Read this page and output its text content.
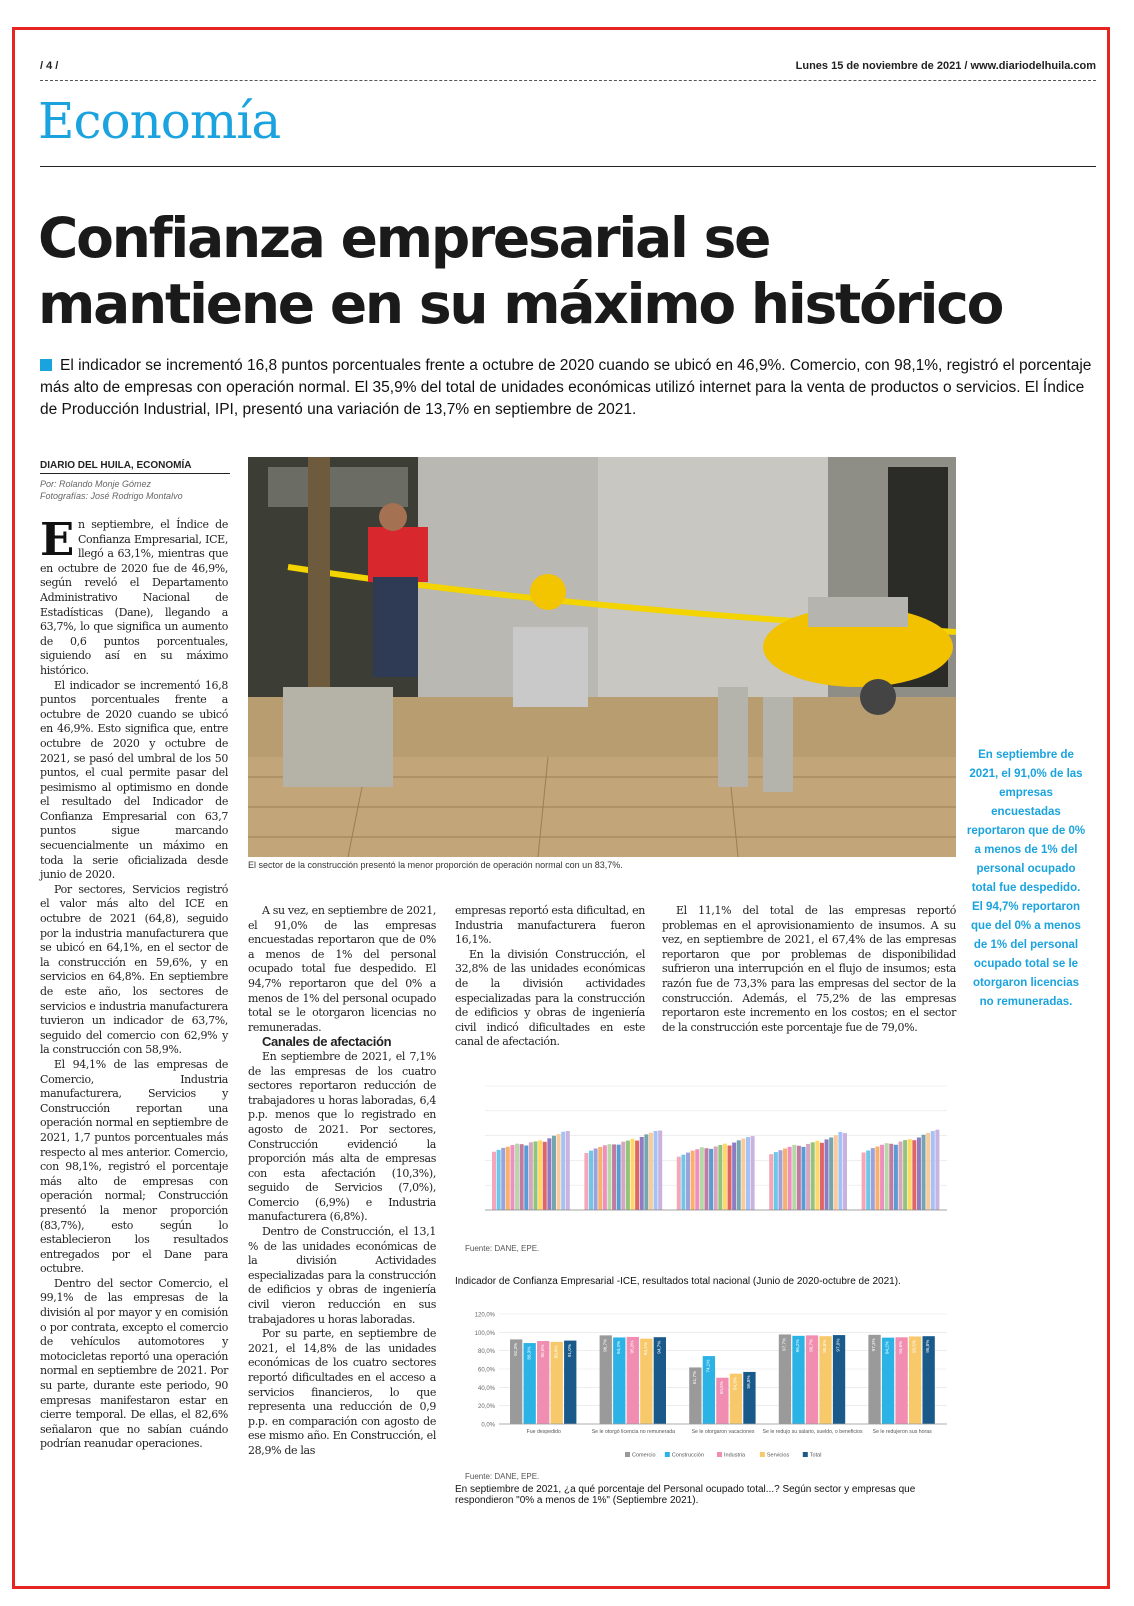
/ 4 /	Lunes 15 de noviembre de 2021 / www.diariodelhuila.com
Economía
Confianza empresarial se
mantiene en su máximo histórico
El indicador se incrementó 16,8 puntos porcentuales frente a octubre de 2020 cuando se ubicó en 46,9%. Comercio, con 98,1%, registró el porcentaje más alto de empresas con operación normal. El 35,9% del total de unidades económicas utilizó internet para la venta de productos o servicios. El Índice de Producción Industrial, IPI, presentó una variación de 13,7% en septiembre de 2021.
DIARIO DEL HUILA, ECONOMÍA
Por: Rolando Monje Gómez
Fotografías: José Rodrigo Montalvo

En septiembre, el Índice de Confianza Empresarial, ICE, llegó a 63,1%, mientras que en octubre de 2020 fue de 46,9%, según reveló el Departamento Administrativo Nacional de Estadísticas (Dane), llegando a 63,7%, lo que significa un aumento de 0,6 puntos porcentuales, siguiendo así en su máximo histórico.

El indicador se incrementó 16,8 puntos porcentuales frente a octubre de 2020 cuando se ubicó en 46,9%. Esto significa que, entre octubre de 2020 y octubre de 2021, se pasó del umbral de los 50 puntos, el cual permite pasar del pesimismo al optimismo en donde el resultado del Indicador de Confianza Empresarial con 63,7 puntos sigue marcando secuencialmente un máximo en toda la serie oficializada desde junio de 2020.

Por sectores, Servicios registró el valor más alto del ICE en octubre de 2021 (64,8), seguido por la industria manufacturera que se ubicó en 64,1%, en el sector de la construcción en 59,6%, y en servicios en 64,8%. En septiembre de este año, los sectores de servicios e industria manufacturera tuvieron un indicador de 63,7%, seguido del comercio con 62,9% y la construcción con 58,9%.

El 94,1% de las empresas de Comercio, Industria manufacturera, Servicios y Construcción reportan una operación normal en septiembre de 2021, 1,7 puntos porcentuales más respecto al mes anterior. Comercio, con 98,1%, registró el porcentaje más alto de empresas con operación normal; Construcción presentó la menor proporción (83,7%), esto según lo establecieron los resultados entregados por el Dane para octubre.

Dentro del sector Comercio, el 99,1% de las empresas de la división al por mayor y en comisión o por contrata, excepto el comercio de vehículos automotores y motocicletas reportó una operación normal en septiembre de 2021. Por su parte, durante este periodo, 90 empresas manifestaron estar en cierre temporal. De ellas, el 82,6% señalaron que no sabían cuándo podrían reanudar operaciones.

El sector de la construcción presentó la menor proporción de operación normal con un 83,7%.

A su vez, en septiembre de 2021, el 91,0% de las empresas encuestadas reportaron que de 0% a menos de 1% del personal ocupado total fue despedido. El 94,7% reportaron que del 0% a menos de 1% del personal ocupado total se le otorgaron licencias no remuneradas.

Canales de afectación

En septiembre de 2021, el 7,1% de las empresas de los cuatro sectores reportaron reducción de trabajadores u horas laboradas, 6,4 p.p. menos que lo registrado en agosto de 2021. Por sectores, Construcción evidenció la proporción más alta de empresas con esta afectación (10,3%), seguido de Servicios (7,0%), Comercio (6,9%) e Industria manufacturera (6,8%).

Dentro de Construcción, el 13,1 % de las unidades económicas de la división Actividades especializadas para la construcción de edificios y obras de ingeniería civil vieron reducción en sus trabajadores u horas laboradas.

Por su parte, en septiembre de 2021, el 14,8% de las unidades económicas de los cuatro sectores reportó dificultades en el acceso a servicios financieros, lo que representa una reducción de 0,9 p.p. en comparación con agosto de ese mismo año. En Construcción, el 28,9% de las

empresas reportó esta dificultad, en Industria manufacturera fueron 16,1%.

En la división Construcción, el 32,8% de las unidades económicas de la división actividades especializadas para la construcción de edificios y obras de ingeniería civil indicó dificultades en este canal de afectación.

El 11,1% del total de las empresas reportó problemas en el aprovisionamiento de insumos. A su vez, en septiembre de 2021, el 67,4% de las empresas reportaron que por problemas de disponibilidad sufrieron una interrupción en el flujo de insumos; esta razón fue de 73,3% para las empresas del sector de la construcción. Además, el 75,2% de las empresas reportaron este incremento en los costos; en el sector de la construcción este porcentaje fue de 79,0%.

En septiembre de 2021, el 91,0% de las empresas encuestadas reportaron que de 0% a menos de 1% del personal ocupado total fue despedido. El 94,7% reportaron que del 0% a menos de 1% del personal ocupado total se le otorgaron licencias no remuneradas.
Fuente: DANE, EPE.
Indicador de Confianza Empresarial -ICE, resultados total nacional (Junio de 2020-octubre de 2021).
120,0%
100,0%
80,0%
60,0%
40,0%
20,0%
0,0%
92,3% 88,3% 90,5% 89,6% 91,0%
Fue despedido
96,7% 94,4% 95,0% 93,1% 94,7%
Se le otorgó licencia no remunerada
61,7%
74,1%
50,5% 54,9% 56,8%
Se le otorgaron vacaciones
97,7% 96,2% 96,7% 95,8% 97,0%
Se le redujo su salario, sueldo, o beneficios
97,3% 94,2% 94,6% 95,5% 95,8%
Se le redujeron sus horas
Comercio	Construcción	Industria	Servicios	Total
Fuente: DANE, EPE.
En septiembre de 2021, ¿a qué porcentaje del Personal ocupado total...? Según sector y empresas que respondieron "0% a menos de 1%" (Septiembre 2021).
